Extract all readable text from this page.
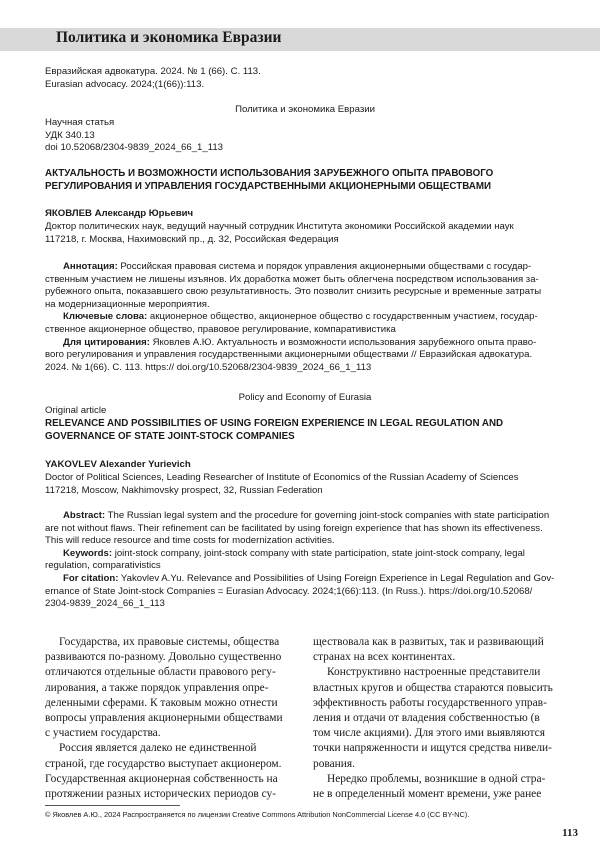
Политика и экономика Евразии
Евразийская адвокатура. 2024. № 1 (66). С. 113.
Eurasian advocacy. 2024;(1(66)):113.
Политика и экономика Евразии
Научная статья
УДК 340.13
doi 10.52068/2304-9839_2024_66_1_113
АКТУАЛЬНОСТЬ И ВОЗМОЖНОСТИ ИСПОЛЬЗОВАНИЯ ЗАРУБЕЖНОГО ОПЫТА ПРАВОВОГО
РЕГУЛИРОВАНИЯ И УПРАВЛЕНИЯ ГОСУДАРСТВЕННЫМИ АКЦИОНЕРНЫМИ ОБЩЕСТВАМИ
ЯКОВЛЕВ Александр Юрьевич
Доктор политических наук, ведущий научный сотрудник Института экономики Российской академии наук
117218, г. Москва, Нахимовский пр., д. 32, Российская Федерация
Аннотация: Российская правовая система и порядок управления акционерными обществами с государ-
ственным участием не лишены изъянов. Их доработка может быть облегчена посредством использования за-
рубежного опыта, показавшего свою результативность. Это позволит снизить ресурсные и временные затраты
на модернизационные мероприятия.
Ключевые слова: акционерное общество, акционерное общество с государственным участием, государ-
ственное акционерное общество, правовое регулирование, компаративистика
Для цитирования: Яковлев А.Ю. Актуальность и возможности использования зарубежного опыта право-
вого регулирования и управления государственными акционерными обществами // Евразийская адвокатура.
2024. № 1(66). С. 113. https:// doi.org/10.52068/2304-9839_2024_66_1_113
Policy and Economy of Eurasia
Original article
RELEVANCE AND POSSIBILITIES OF USING FOREIGN EXPERIENCE IN LEGAL REGULATION AND
GOVERNANCE OF STATE JOINT-STOCK COMPANIES
YAKOVLEV Alexander Yurievich
Doctor of Political Sciences, Leading Researcher of Institute of Economics of the Russian Academy of Sciences
117218, Moscow, Nakhimovsky prospect, 32, Russian Federation
Abstract: The Russian legal system and the procedure for governing joint-stock companies with state participation
are not without flaws. Their refinement can be facilitated by using foreign experience that has shown its effectiveness.
This will reduce resource and time costs for modernization activities.
Keywords: joint-stock company, joint-stock company with state participation, state joint-stock company, legal
regulation, comparativistics
For citation: Yakovlev A.Yu. Relevance and Possibilities of Using Foreign Experience in Legal Regulation and Gov-
ernance of State Joint-stock Companies = Eurasian Advocacy. 2024;1(66):113. (In Russ.). https://doi.org/10.52068/
2304-9839_2024_66_1_113
Государства, их правовые системы, общества
развиваются по-разному. Довольно существенно
отличаются отдельные области правового регу-
лирования, а также порядок управления опре-
деленными сферами. К таковым можно отнести
вопросы управления акционерными обществами
с участием государства.
Россия является далеко не единственной
страной, где государство выступает акционером.
Государственная акционерная собственность на
протяжении разных исторических периодов су-
ществовала как в развитых, так и развивающий
странах на всех континентах.
Конструктивно настроенные представители
властных кругов и общества стараются повысить
эффективность работы государственного управ-
ления и отдачи от владения собственностью (в
том числе акциями). Для этого ими выявляются
точки напряженности и ищутся средства нивели-
рования.
Нередко проблемы, возникшие в одной стра-
не в определенный момент времени, уже ранее
© Яковлев А.Ю., 2024 Распространяется по лицензии Creative Commons Attribution NonCommercial License 4.0 (CC BY-NC).
113
